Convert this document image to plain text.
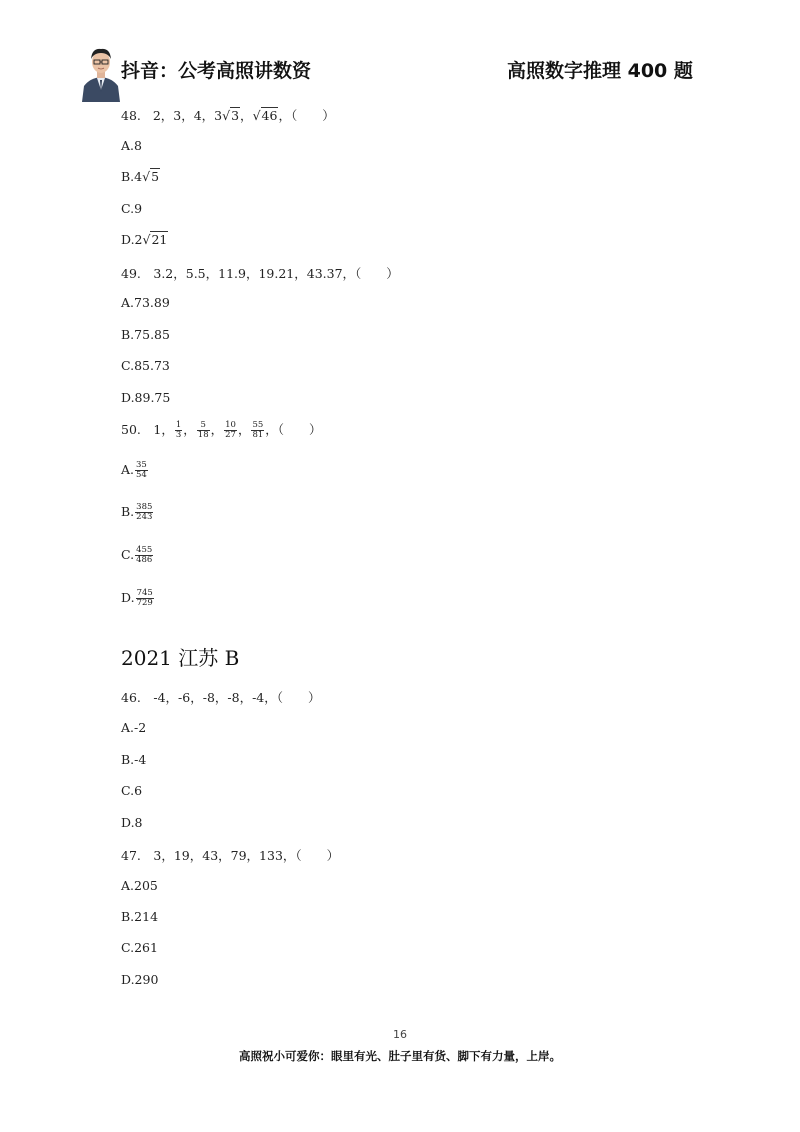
抖音：公考高照讲数资	高照数字推理 400 题
48. 2，3，4，3√3，√46，（　　）
A.8
B.4√5
C.9
D.2√21
49.　3.2，5.5，11.9，19.21，43.37，（　　）
A.73.89
B.75.85
C.85.73
D.89.75
50.　1， $\frac{1}{3}$ ， $\frac{5}{18}$ ， $\frac{10}{27}$ ， $\frac{55}{81}$ ，（　　）
A. $\frac{35}{54}$
B. $\frac{385}{243}$
C. $\frac{455}{486}$
D. $\frac{745}{729}$
2021 江苏 B
46.　-4，-6，-8，-8，-4，（　　）
A.-2
B.-4
C.6
D.8
47.　3，19，43，79，133，（　　）
A.205
B.214
C.261
D.290
16
高照祝小可爱你：眼里有光、肚子里有货、脚下有力量，上岸。
